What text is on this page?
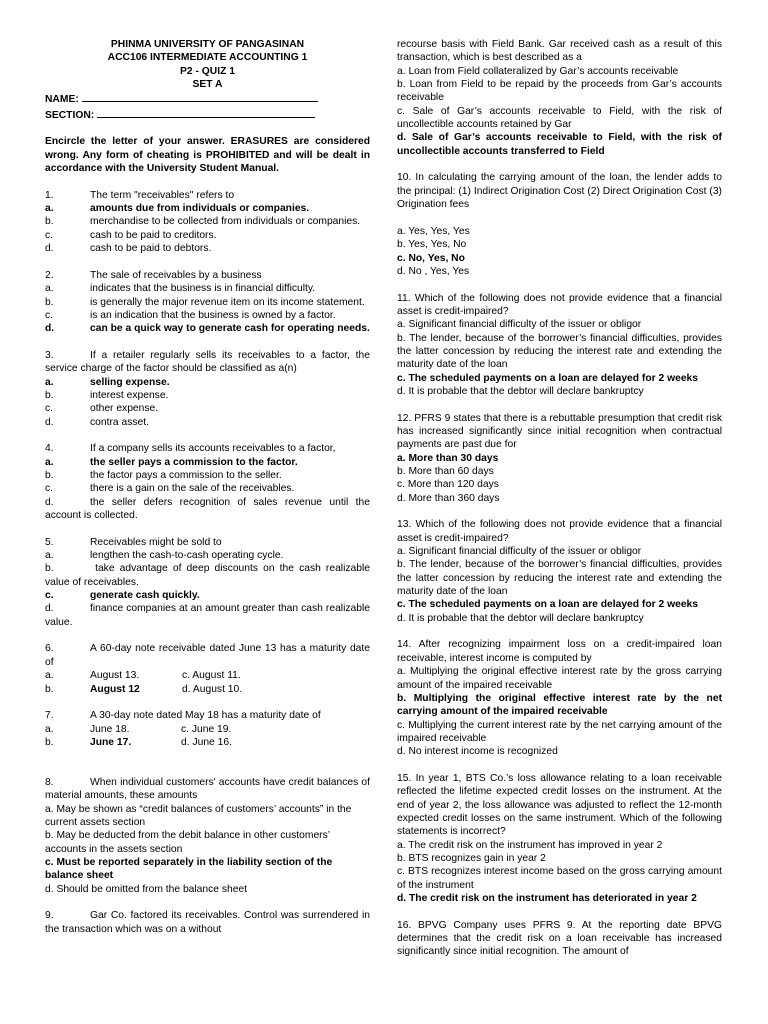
PHINMA UNIVERSITY OF PANGASINAN
ACC106 INTERMEDIATE ACCOUNTING 1
P2 - QUIZ 1
SET A
NAME:
SECTION:

Encircle the letter of your answer. ERASURES are considered wrong. Any form of cheating is PROHIBITED and will be dealt in accordance with the University Student Manual.

1.	The term "receivables" refers to
a.	amounts due from individuals or companies.
b.	merchandise to be collected from individuals or companies.
c.	cash to be paid to creditors.
d.	cash to be paid to debtors.
2.	The sale of receivables by a business
a.	indicates that the business is in financial difficulty.
b.	is generally the major revenue item on its income statement.
c.	is an indication that the business is owned by a factor.
d.	can be a quick way to generate cash for operating needs.
3.	If a retailer regularly sells its receivables to a factor, the service charge of the factor should be classified as a(n)
a.	selling expense.
b.	interest expense.
c.	other expense.
d.	contra asset.
4.	If a company sells its accounts receivables to a factor,
a.	the seller pays a commission to the factor.
b.	the factor pays a commission to the seller.
c.	there is a gain on the sale of the receivables.
d.	the seller defers recognition of sales revenue until the account is collected.
5.	Receivables might be sold to
a.	lengthen the cash-to-cash operating cycle.
b.	take advantage of deep discounts on the cash realizable value of receivables.
c.	generate cash quickly.
d.	finance companies at an amount greater than cash realizable value.
6.	A 60-day note receivable dated June 13 has a maturity date of
a.	August 13.	c. August 11.
b.	August 12	d. August 10.
7.	A 30-day note dated May 18 has a maturity date of
a.	June 18.	c. June 19.
b.	June 17.	d. June 16.
8.	When individual customers' accounts have credit balances of material amounts, these amounts
a. May be shown as “credit balances of customers’ accounts” in the current assets section
b. May be deducted from the debit balance in other customers’ accounts in the assets section
c. Must be reported separately in the liability section of the balance sheet
d. Should be omitted from the balance sheet
9.	Gar Co. factored its receivables. Control was surrendered in the transaction which was on a without

recourse basis with Field Bank. Gar received cash as a result of this transaction, which is best described as a

a. Loan from Field collateralized by Gar’s accounts receivable
b. Loan from Field to be repaid by the proceeds from Gar’s accounts receivable
c. Sale of Gar’s accounts receivable to Field, with the risk of uncollectible accounts retained by Gar
d. Sale of Gar’s accounts receivable to Field, with the risk of uncollectible accounts transferred to Field

10. In calculating the carrying amount of the loan, the lender adds to the principal: (1) Indirect Origination Cost (2) Direct Origination Cost (3) Origination fees

a. Yes, Yes, Yes
b. Yes, Yes, No
c. No, Yes, No
d. No , Yes, Yes

11. Which of the following does not provide evidence that a financial asset is credit-impaired?

a. Significant financial difficulty of the issuer or obligor
b. The lender, because of the borrower’s financial difficulties, provides the latter concession by reducing the interest rate and extending the maturity date of the loan
c. The scheduled payments on a loan are delayed for 2 weeks
d. It is probable that the debtor will declare bankruptcy

12. PFRS 9 states that there is a rebuttable presumption that credit risk has increased significantly since initial recognition when contractual payments are past due for

a. More than 30 days
b. More than 60 days
c. More than 120 days
d. More than 360 days

13. Which of the following does not provide evidence that a financial asset is credit-impaired?

a. Significant financial difficulty of the issuer or obligor
b. The lender, because of the borrower’s financial difficulties, provides the latter concession by reducing the interest rate and extending the maturity date of the loan
c. The scheduled payments on a loan are delayed for 2 weeks
d. It is probable that the debtor will declare bankruptcy

14. After recognizing impairment loss on a credit-impaired loan receivable, interest income is computed by

a. Multiplying the original effective interest rate by the gross carrying amount of the impaired receivable
b. Multiplying the original effective interest rate by the net carrying amount of the impaired receivable
c. Multiplying the current interest rate by the net carrying amount of the impaired receivable
d. No interest income is recognized

15. In year 1, BTS Co.’s loss allowance relating to a loan receivable reflected the lifetime expected credit losses on the instrument. At the end of year 2, the loss allowance was adjusted to reflect the 12-month expected credit losses on the same instrument. Which of the following statements is incorrect?

a. The credit risk on the instrument has improved in year 2
b. BTS recognizes gain in year 2
c. BTS recognizes interest income based on the gross carrying amount of the instrument
d. The credit risk on the instrument has deteriorated in year 2

16. BPVG Company uses PFRS 9. At the reporting date BPVG determines that the credit risk on a loan receivable has increased significantly since initial recognition. The amount of
